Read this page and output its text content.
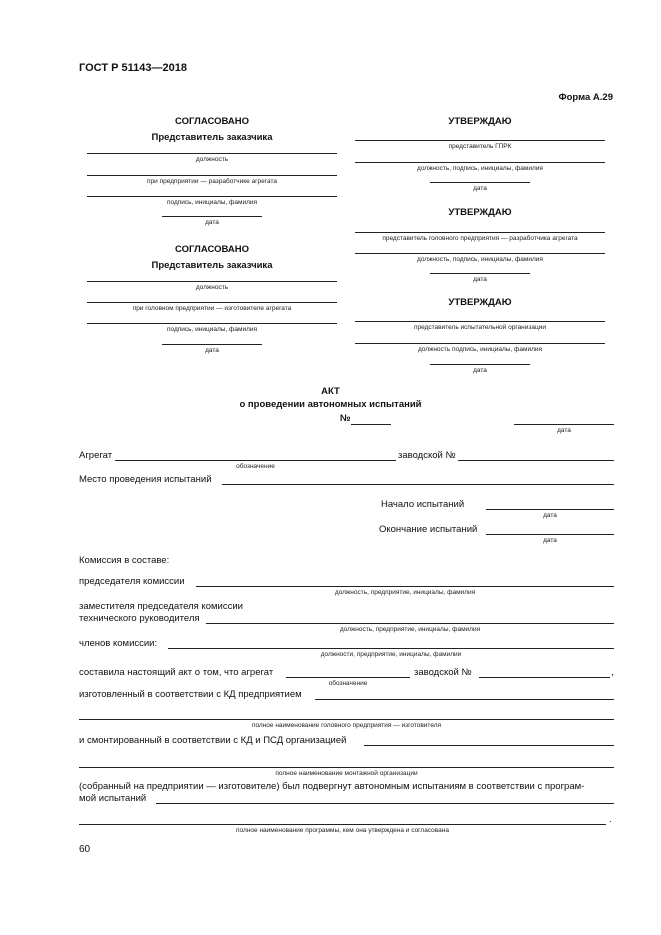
ГОСТ Р 51143—2018
Форма А.29
СОГЛАСОВАНО
Представитель заказчика
должность
при предприятии — разработчике агрегата
подпись, инициалы, фамилия
дата
СОГЛАСОВАНО
Представитель заказчика
должность
при головном предприятии — изготовителе агрегата
подпись, инициалы, фамилия
дата
УТВЕРЖДАЮ
представитель ГПРК
должность, подпись, инициалы, фамилия
дата
УТВЕРЖДАЮ
представитель головного предприятия — разработчика агрегата
должность, подпись, инициалы, фамилия
дата
УТВЕРЖДАЮ
представитель испытательной организации
должность подпись, инициалы, фамилия
дата
АКТ
о проведении автономных испытаний
№
дата
Агрегат
обозначение
заводской №
Место проведения испытаний
Начало испытаний
дата
Окончание испытаний
дата
Комиссия в составе:
председателя комиссии
должность, предприятие, инициалы, фамилия
заместителя председателя комиссии
технического руководителя
должность, предприятие, инициалы, фамилия
членов комиссии:
должности, предприятие, инициалы, фамилии
составила настоящий акт о том, что агрегат
обозначение
заводской №	,
изготовленный в соответствии с КД предприятием
полное наименование головного предприятия — изготовителя
и смонтированный в соответствии с КД и ПСД организацией
полное наименование монтажной организации
(собранный на предприятии — изготовителе) был подвергнут автономным испытаниям в соответствии с програм-
мой испытаний
.
полное наименование программы, кем она утверждена и согласована
60
